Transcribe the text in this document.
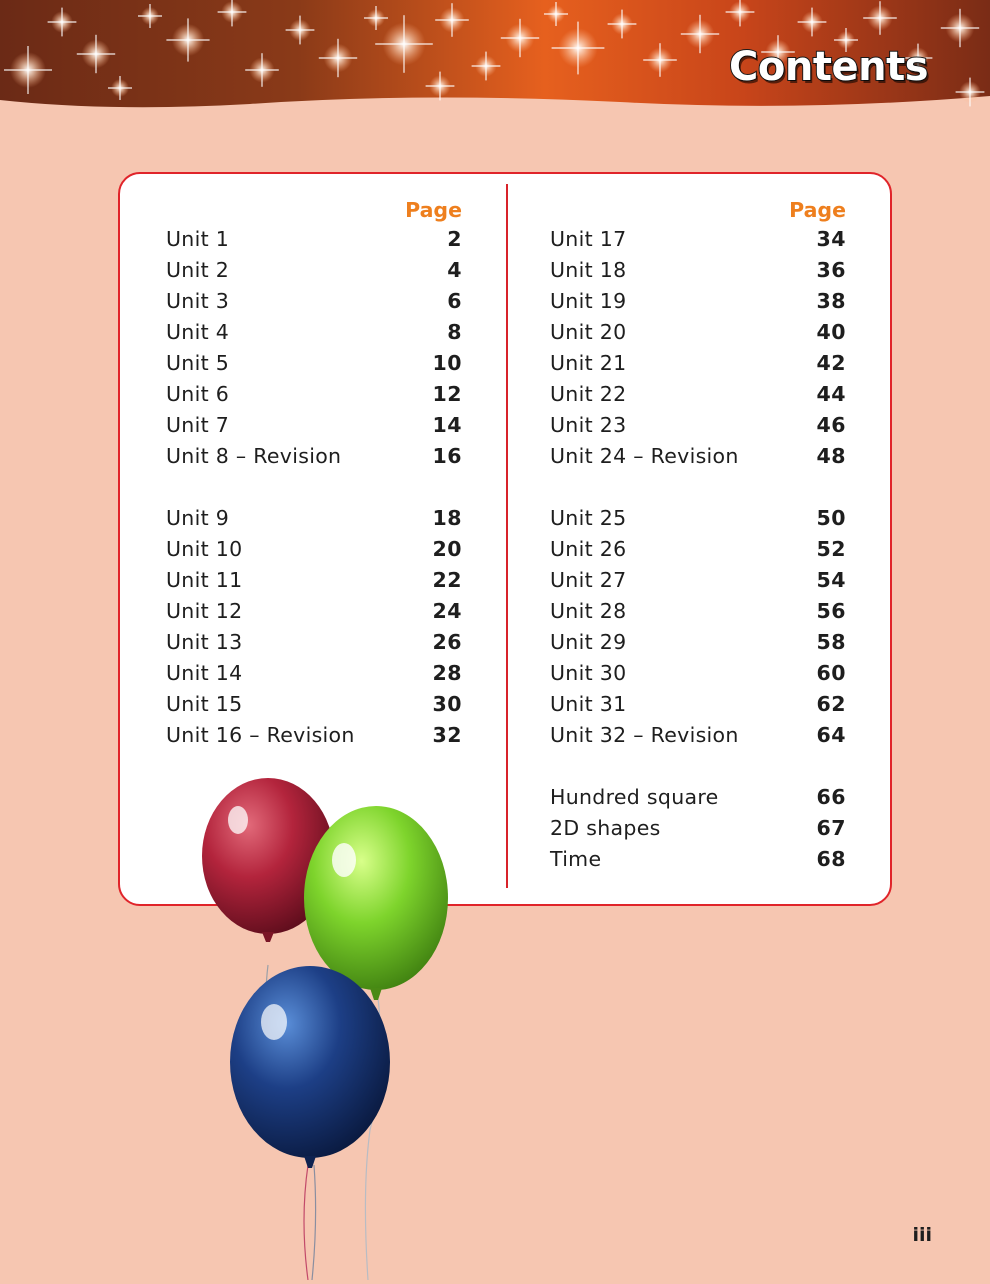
Contents
Page
Unit 1	2
Unit 2	4
Unit 3	6
Unit 4	8
Unit 5	10
Unit 6	12
Unit 7	14
Unit 8 – Revision	16
Unit 9	18
Unit 10	20
Unit 11	22
Unit 12	24
Unit 13	26
Unit 14	28
Unit 15	30
Unit 16 – Revision	32
Page
Unit 17	34
Unit 18	36
Unit 19	38
Unit 20	40
Unit 21	42
Unit 22	44
Unit 23	46
Unit 24 – Revision	48
Unit 25	50
Unit 26	52
Unit 27	54
Unit 28	56
Unit 29	58
Unit 30	60
Unit 31	62
Unit 32 – Revision	64
Hundred square	66
2D shapes	67
Time	68
iii
